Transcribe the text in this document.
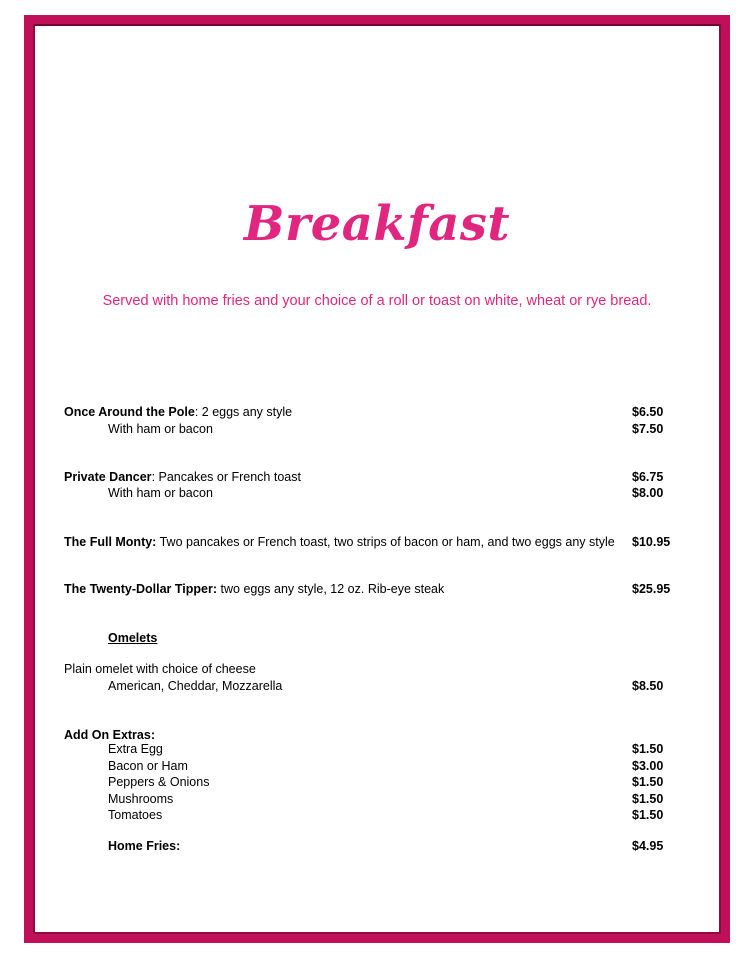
Breakfast
Served with home fries and your choice of a roll or toast on white, wheat or rye bread.
Once Around the Pole: 2 eggs any style	$6.50
With ham or bacon	$7.50
Private Dancer: Pancakes or French toast	$6.75
With ham or bacon	$8.00
The Full Monty: Two pancakes or French toast, two strips of bacon or ham, and two eggs any style $10.95
The Twenty-Dollar Tipper: two eggs any style, 12 oz. Rib-eye steak	$25.95
Omelets
Plain omelet with choice of cheese
American, Cheddar, Mozzarella	$8.50
Add On Extras:
Extra Egg	$1.50
Bacon or Ham	$3.00
Peppers & Onions	$1.50
Mushrooms	$1.50
Tomatoes	$1.50
Home Fries:	$4.95
